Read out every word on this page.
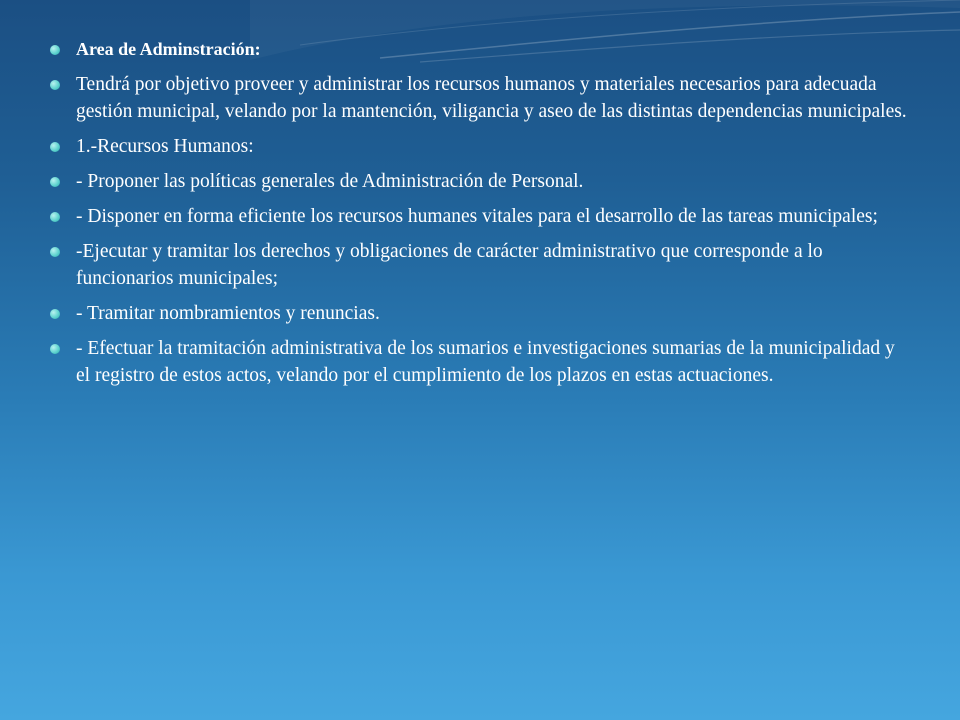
Area de Adminstración:
Tendrá por objetivo proveer y administrar los recursos humanos y materiales necesarios para adecuada gestión municipal, velando por la mantención, viligancia y aseo de las distintas dependencias municipales.
1.-Recursos Humanos:
- Proponer las políticas generales de Administración de Personal.
- Disponer en forma eficiente los recursos humanes vitales para el desarrollo de las tareas municipales;
-Ejecutar y tramitar los derechos y obligaciones de carácter administrativo que corresponde a lo funcionarios municipales;
- Tramitar nombramientos y renuncias.
- Efectuar la tramitación administrativa de los sumarios e investigaciones sumarias de la municipalidad y el registro de estos actos, velando por el cumplimiento de los plazos en estas actuaciones.
